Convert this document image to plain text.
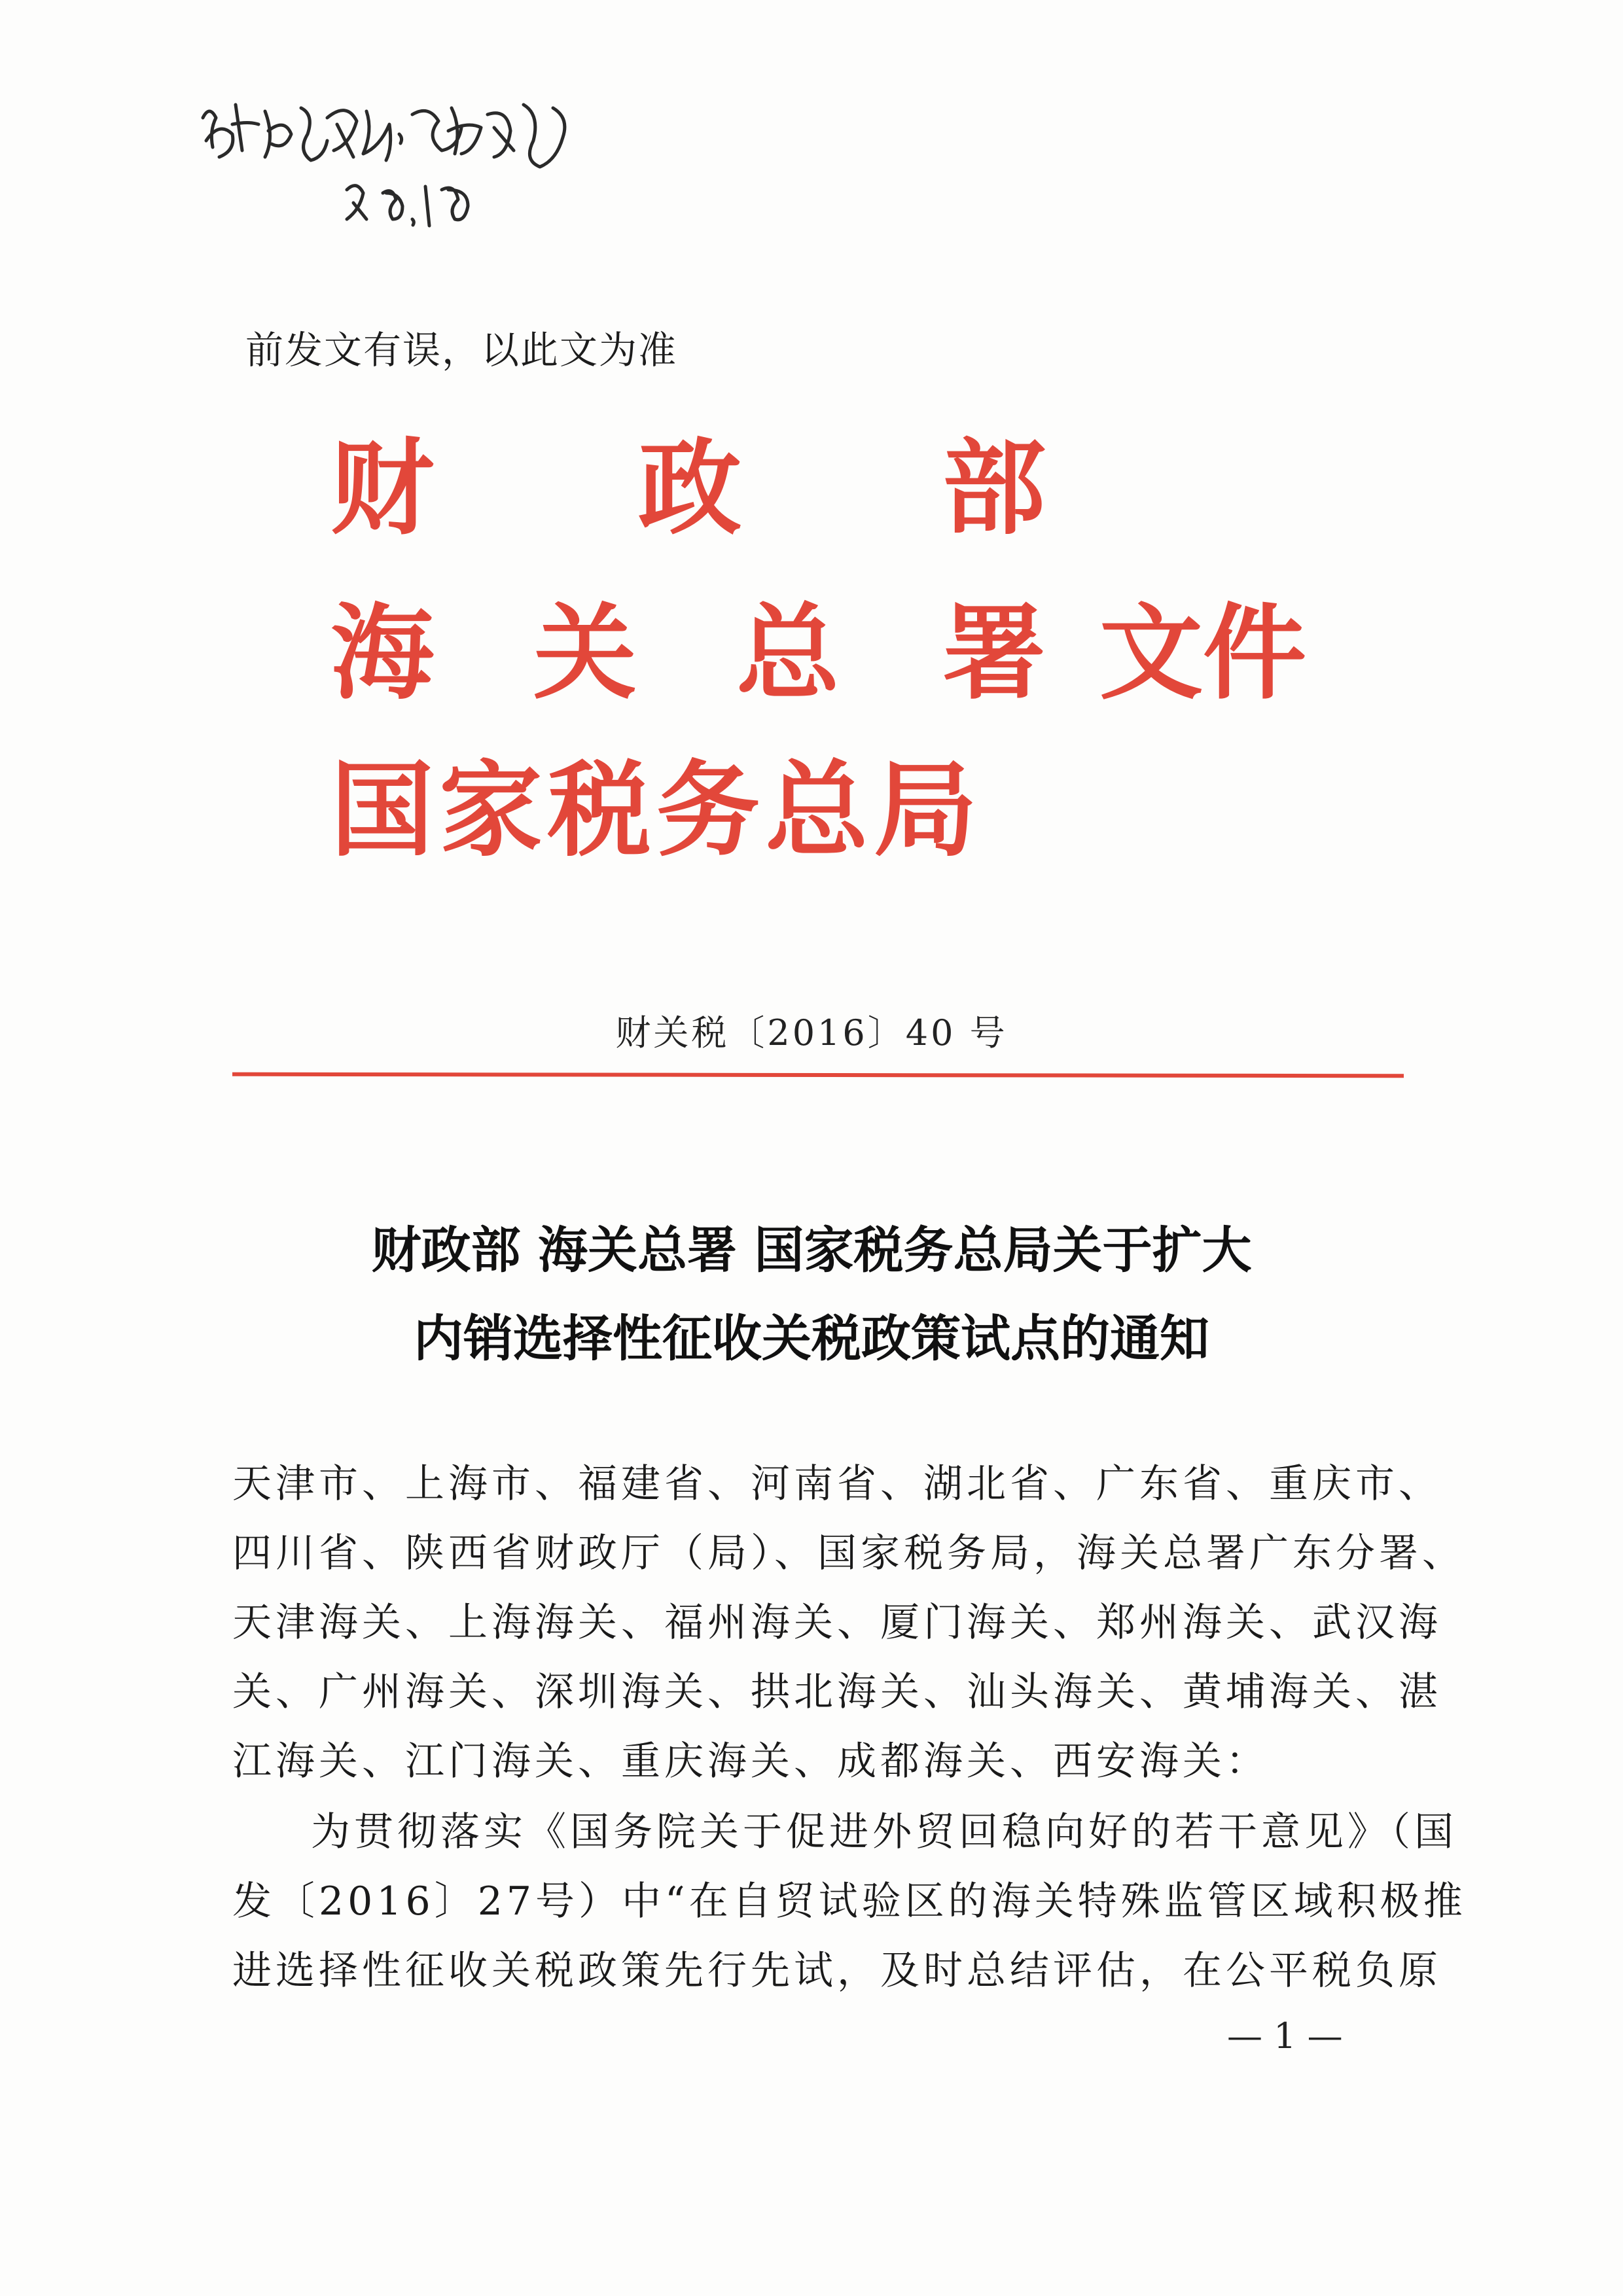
前发文有误，以此文为准
财 政 部
海 关 总 署 文件
国家税务总局
财关税〔2016〕40 号
财政部 海关总署 国家税务总局关于扩大
内销选择性征收关税政策试点的通知
天津市、上海市、福建省、河南省、湖北省、广东省、重庆市、
四川省、陕西省财政厅（局）、国家税务局，海关总署广东分署、
天津海关、上海海关、福州海关、厦门海关、郑州海关、武汉海
关、广州海关、深圳海关、拱北海关、汕头海关、黄埔海关、湛
江海关、江门海关、重庆海关、成都海关、西安海关：
为贯彻落实《国务院关于促进外贸回稳向好的若干意见》（国
发〔2016〕27号）中“在自贸试验区的海关特殊监管区域积极推
进选择性征收关税政策先行先试，及时总结评估，在公平税负原
— 1 —
